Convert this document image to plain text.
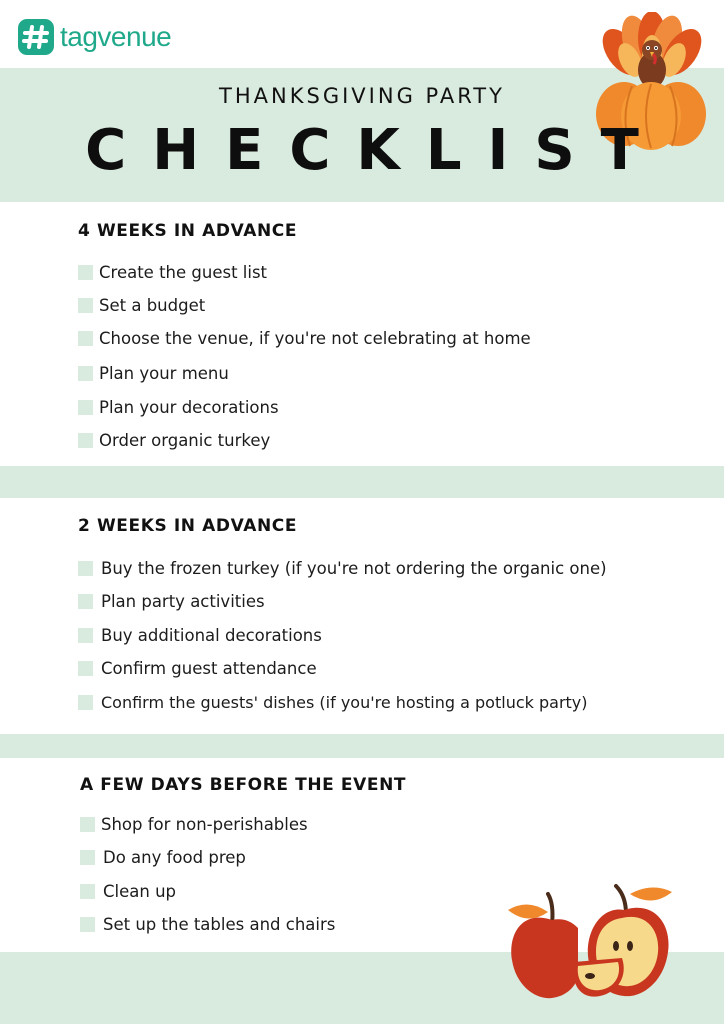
tagvenue
THANKSGIVING PARTY
CHECKLIST
4 WEEKS IN ADVANCE
Create the guest list
Set a budget
Choose the venue, if you're not celebrating at home
Plan your menu
Plan your decorations
Order organic turkey
2 WEEKS IN ADVANCE
Buy the frozen turkey (if you're not ordering the organic one)
Plan party activities
Buy additional decorations
Confirm guest attendance
Confirm the guests' dishes (if you're hosting a potluck party)
A FEW DAYS BEFORE THE EVENT
Shop for non-perishables
Do any food prep
Clean up
Set up the tables and chairs
